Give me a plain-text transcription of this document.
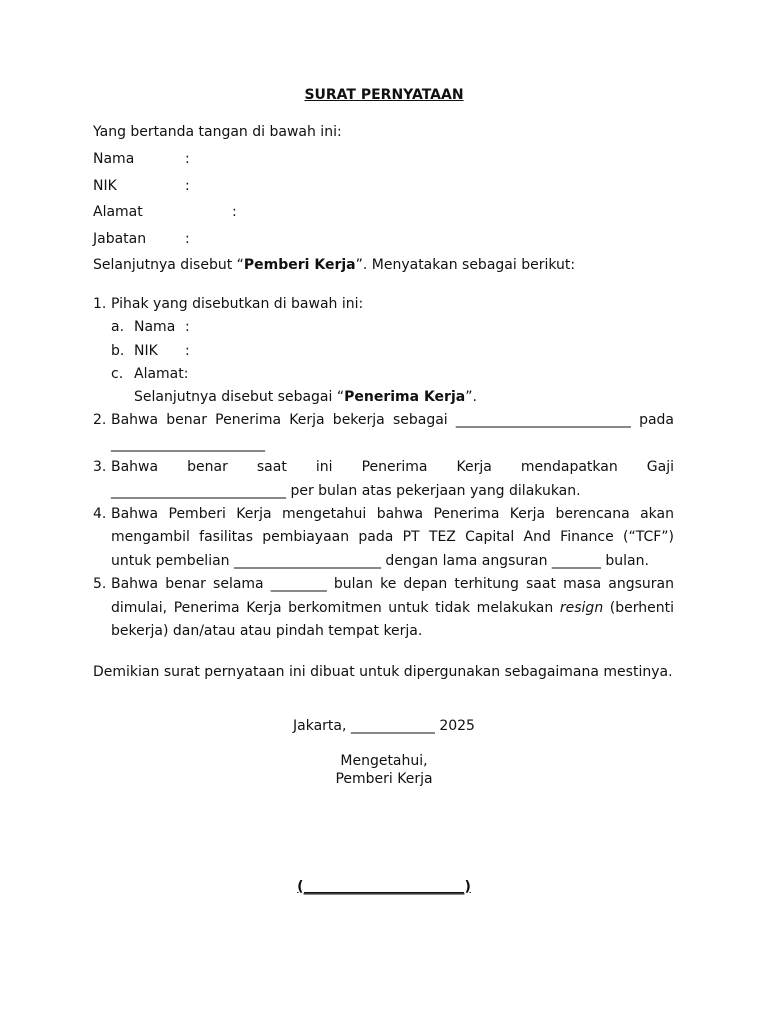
SURAT PERNYATAAN
Yang bertanda tangan di bawah ini:
Nama	:
NIK	:
Alamat	:
Jabatan	:
Selanjutnya disebut “Pemberi Kerja”. Menyatakan sebagai berikut:
1. Pihak yang disebutkan di bawah ini:
a. Nama :
b. NIK :
c. Alamat:
Selanjutnya disebut sebagai “Penerima Kerja”.
2. Bahwa benar Penerima Kerja bekerja sebagai _________________________ pada
______________________
3. Bahwa benar saat ini Penerima Kerja mendapatkan Gaji
_________________________ per bulan atas pekerjaan yang dilakukan.
4. Bahwa Pemberi Kerja mengetahui bahwa Penerima Kerja berencana akan
mengambil fasilitas pembiayaan pada PT TEZ Capital And Finance (“TCF”)
untuk pembelian _____________________ dengan lama angsuran _______ bulan.
5. Bahwa benar selama ________ bulan ke depan terhitung saat masa angsuran
dimulai, Penerima Kerja berkomitmen untuk tidak melakukan resign (berhenti
bekerja) dan/atau atau pindah tempat kerja.
Demikian surat pernyataan ini dibuat untuk dipergunakan sebagaimana mestinya.
Jakarta, ____________ 2025
Mengetahui,
Pemberi Kerja
(_______________________)
